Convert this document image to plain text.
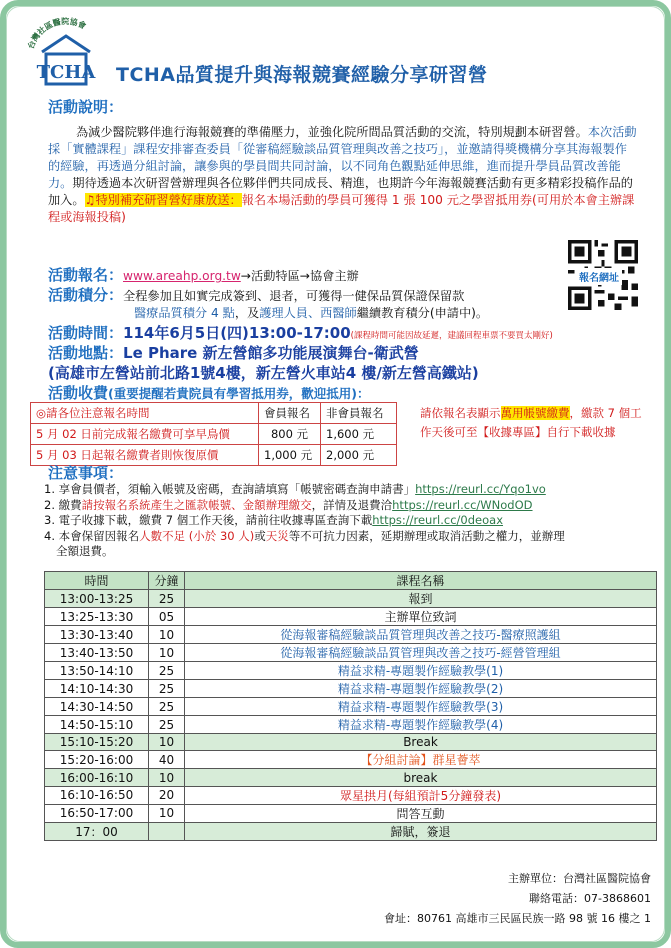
台灣社區醫院協會
TCHA TCHA品質提升與海報競賽經驗分享研習營
活動說明：
為減少醫院夥伴進行海報競賽的準備壓力，並強化院所間品質活動的交流，特別規劃本研習營。本次活動採「實體課程」課程安排審查委員「從審稿經驗談品質管理與改善之技巧」，並邀請得獎機構分享其海報製作的經驗，再透過分組討論，讓參與的學員間共同討論，以不同角色觀點延伸思維，進而提升學員品質改善能力。期待透過本次研習營辦理與各位夥伴們共同成長、精進，也期許今年海報競賽活動有更多精彩投稿作品的加入。♫特別補充研習營好康放送：報名本場活動的學員可獲得 1 張 100 元之學習抵用券(可用於本會主辦課程或海報投稿)
報名網址
活動報名：www.areahp.org.tw→活動特區→協會主辦
活動積分：全程參加且如實完成簽到、退者，可獲得一健保品質保證保留款
醫療品質積分 4 點，及護理人員、西醫師繼續教育積分(申請中)。
活動時間：114年6月5日(四)13:00-17:00(課程時間可能因故延遲，建議回程車票不要買太剛好)
活動地點：Le Phare 新左營館多功能展演舞台-衛武營
(高雄市左營站前北路1號4樓，新左營火車站4 樓/新左營高鐵站)
活動收費(重要提醒若貴院員有學習抵用券，歡迎抵用)：
◎請各位注意報名時間	會員報名	非會員報名
5 月 02 日前完成報名繳費可享早鳥價	800 元	1,600 元
5 月 03 日起報名繳費者則恢復原價	1,000 元	2,000 元
請依報名表顯示萬用帳號繳費，繳款 7 個工作天後可至【收據專區】自行下載收據
注意事項：
1. 享會員價者，須輸入帳號及密碼，查詢請填寫「帳號密碼查詢申請書」https://reurl.cc/Yqo1vo
2. 繳費請按報名系統產生之匯款帳號、金額辦理繳交，詳情及退費洽https://reurl.cc/WNodOD
3. 電子收據下載，繳費 7 個工作天後，請前往收據專區查詢下載https://reurl.cc/0deoax
4. 本會保留因報名人數不足 (小於 30 人)或天災等不可抗力因素，延期辦理或取消活動之權力，並辦理
全額退費。
時間	分鐘	課程名稱
13:00-13:25	25	報到
13:25-13:30	05	主辦單位致詞
13:30-13:40	10	從海報審稿經驗談品質管理與改善之技巧-醫療照護組
13:40-13:50	10	從海報審稿經驗談品質管理與改善之技巧-經營管理組
13:50-14:10	25	精益求精-專題製作經驗教學(1)
14:10-14:30	25	精益求精-專題製作經驗教學(2)
14:30-14:50	25	精益求精-專題製作經驗教學(3)
14:50-15:10	25	精益求精-專題製作經驗教學(4)
15:10-15:20	10	Break
15:20-16:00	40	【分組討論】群星薈萃
16:00-16:10	10	break
16:10-16:50	20	眾星拱月(每組預計5分鐘發表)
16:50-17:00	10	問答互動
17：00		歸賦，簽退
主辦單位：台灣社區醫院協會
聯絡電話：07-3868601
會址：80761 高雄市三民區民族一路 98 號 16 樓之 1
